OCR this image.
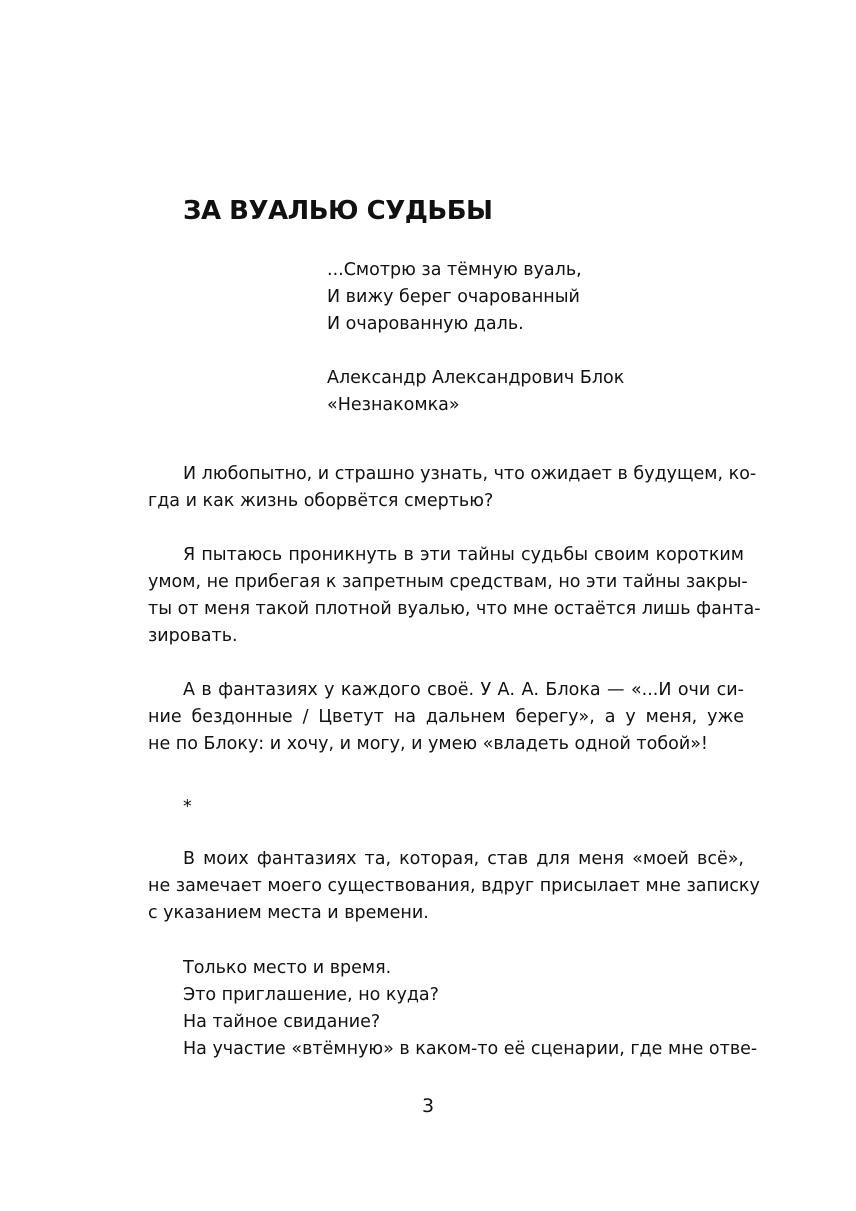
ЗА ВУАЛЬЮ СУДЬБЫ
...Смотрю за тёмную вуаль,
И вижу берег очарованный
И очарованную даль.
Александр Александрович Блок
«Незнакомка»
И любопытно, и страшно узнать, что ожидает в будущем, ко-
гда и как жизнь оборвётся смертью?
Я пытаюсь проникнуть в эти тайны судьбы своим коротким
умом, не прибегая к запретным средствам, но эти тайны закры-
ты от меня такой плотной вуалью, что мне остаётся лишь фанта-
зировать.
А в фантазиях у каждого своё. У А. А. Блока — «...И очи си-
ние бездонные / Цветут на дальнем берегу», а у меня, уже
не по Блоку: и хочу, и могу, и умею «владеть одной тобой»!
*
В моих фантазиях та, которая, став для меня «моей всё»,
не замечает моего существования, вдруг присылает мне записку
с указанием места и времени.
Только место и время.
Это приглашение, но куда?
На тайное свидание?
На участие «втёмную» в каком-то её сценарии, где мне отве-
3
